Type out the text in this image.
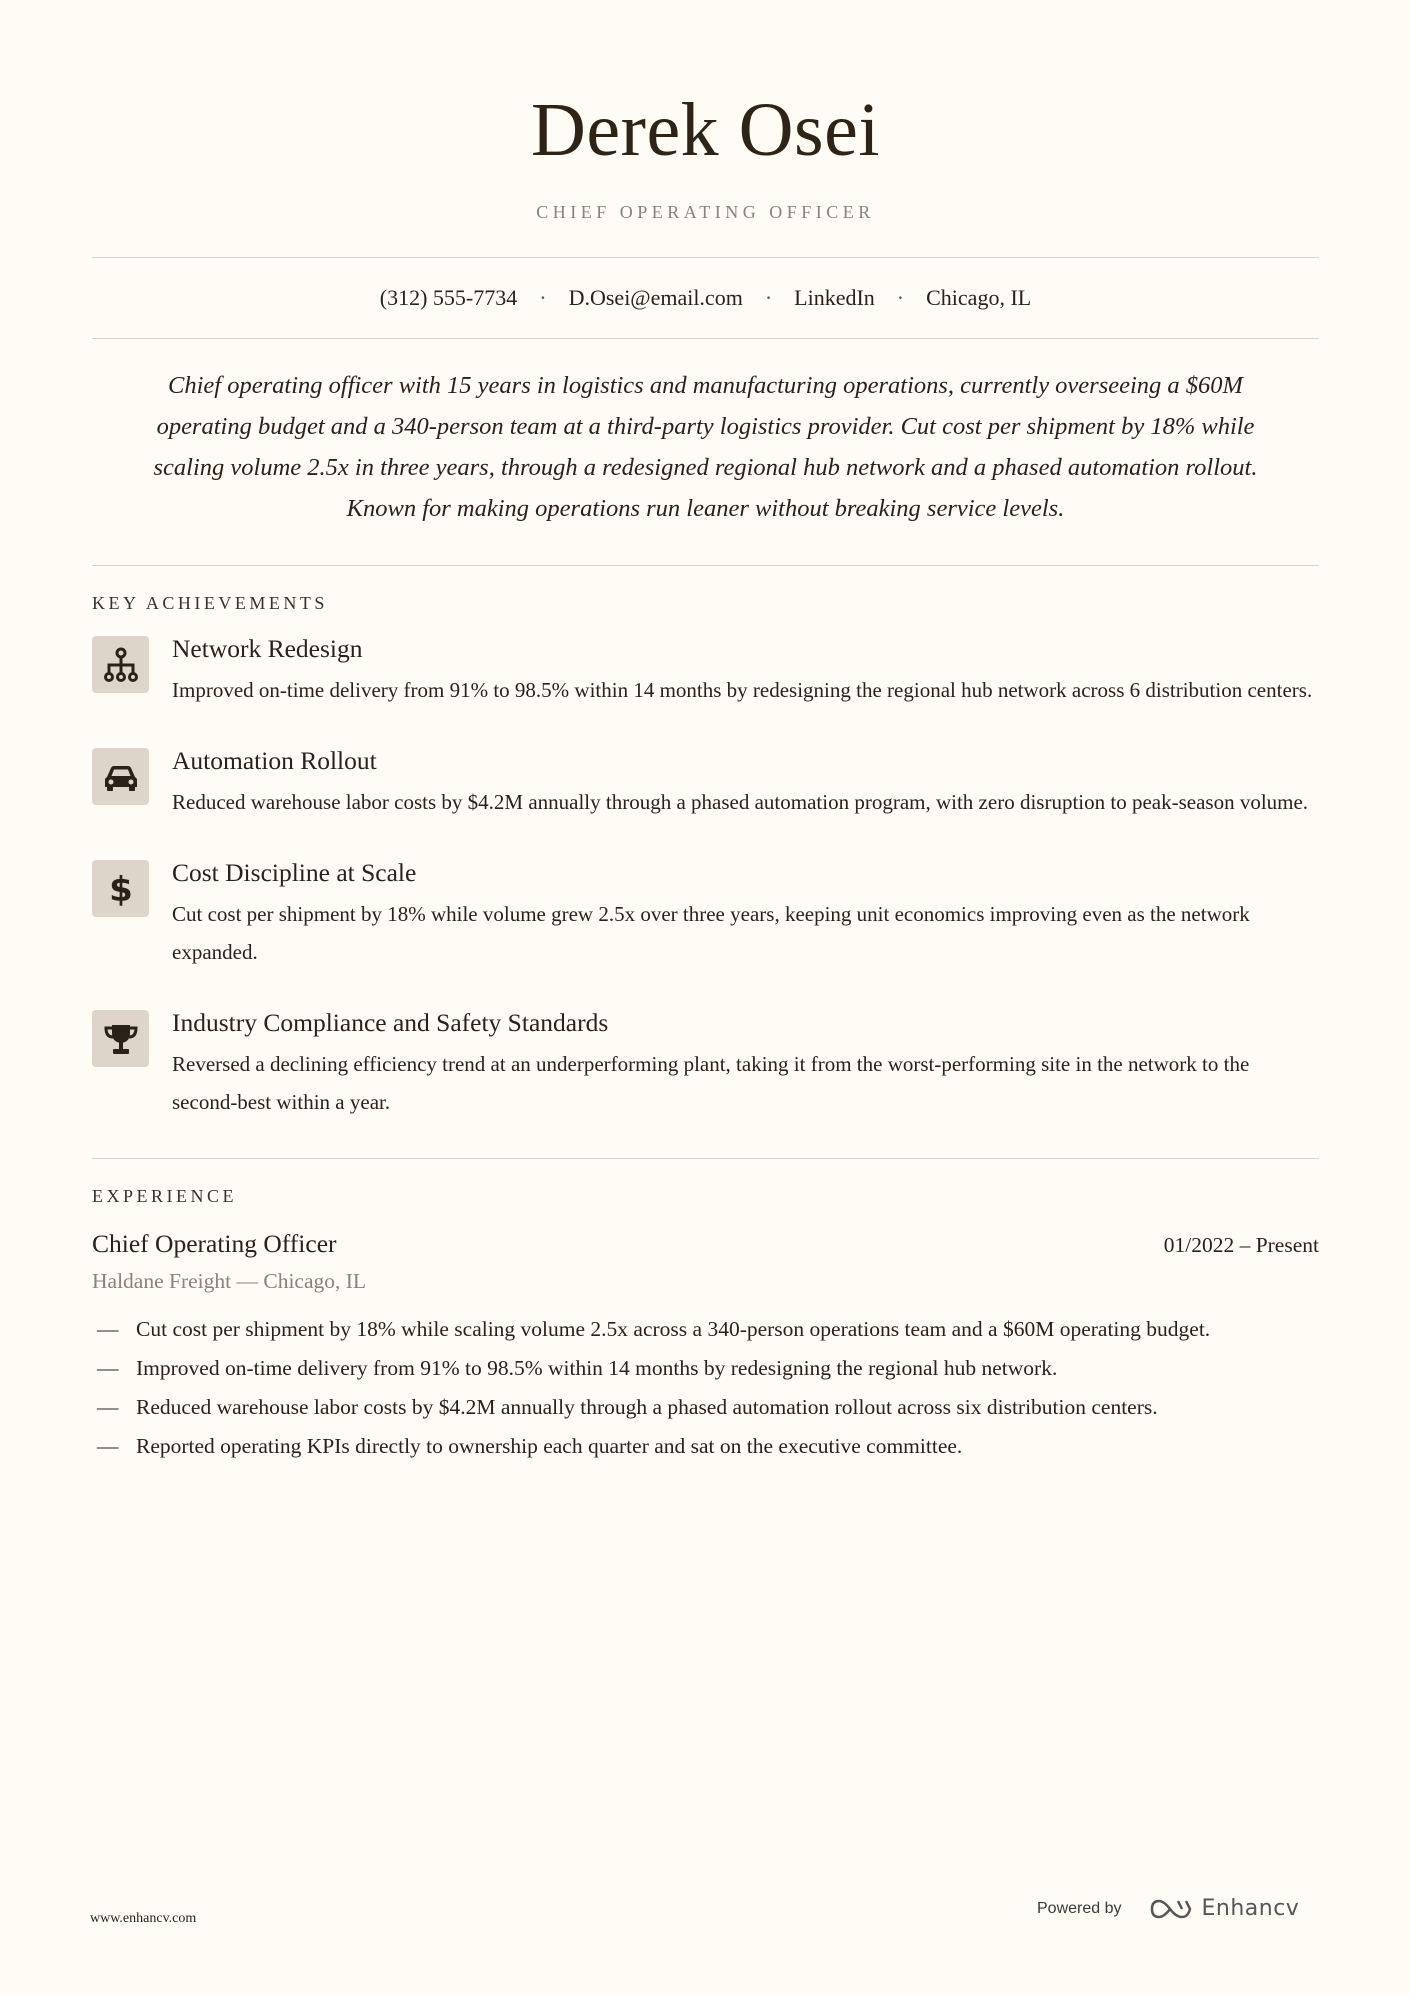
Derek Osei
CHIEF OPERATING OFFICER
(312) 555-7734 · D.Osei@email.com · LinkedIn · Chicago, IL
Chief operating officer with 15 years in logistics and manufacturing operations, currently overseeing a $60M operating budget and a 340-person team at a third-party logistics provider. Cut cost per shipment by 18% while scaling volume 2.5x in three years, through a redesigned regional hub network and a phased automation rollout. Known for making operations run leaner without breaking service levels.
KEY ACHIEVEMENTS
Network Redesign
Improved on-time delivery from 91% to 98.5% within 14 months by redesigning the regional hub network across 6 distribution centers.
Automation Rollout
Reduced warehouse labor costs by $4.2M annually through a phased automation program, with zero disruption to peak-season volume.
$ Cost Discipline at Scale
Cut cost per shipment by 18% while volume grew 2.5x over three years, keeping unit economics improving even as the network expanded.
Industry Compliance and Safety Standards
Reversed a declining efficiency trend at an underperforming plant, taking it from the worst-performing site in the network to the second-best within a year.
EXPERIENCE
Chief Operating Officer	01/2022 – Present
Haldane Freight — Chicago, IL
— Cut cost per shipment by 18% while scaling volume 2.5x across a 340-person operations team and a $60M operating budget.
— Improved on-time delivery from 91% to 98.5% within 14 months by redesigning the regional hub network.
— Reduced warehouse labor costs by $4.2M annually through a phased automation rollout across six distribution centers.
— Reported operating KPIs directly to ownership each quarter and sat on the executive committee.
www.enhancv.com
Powered by	Enhancv
